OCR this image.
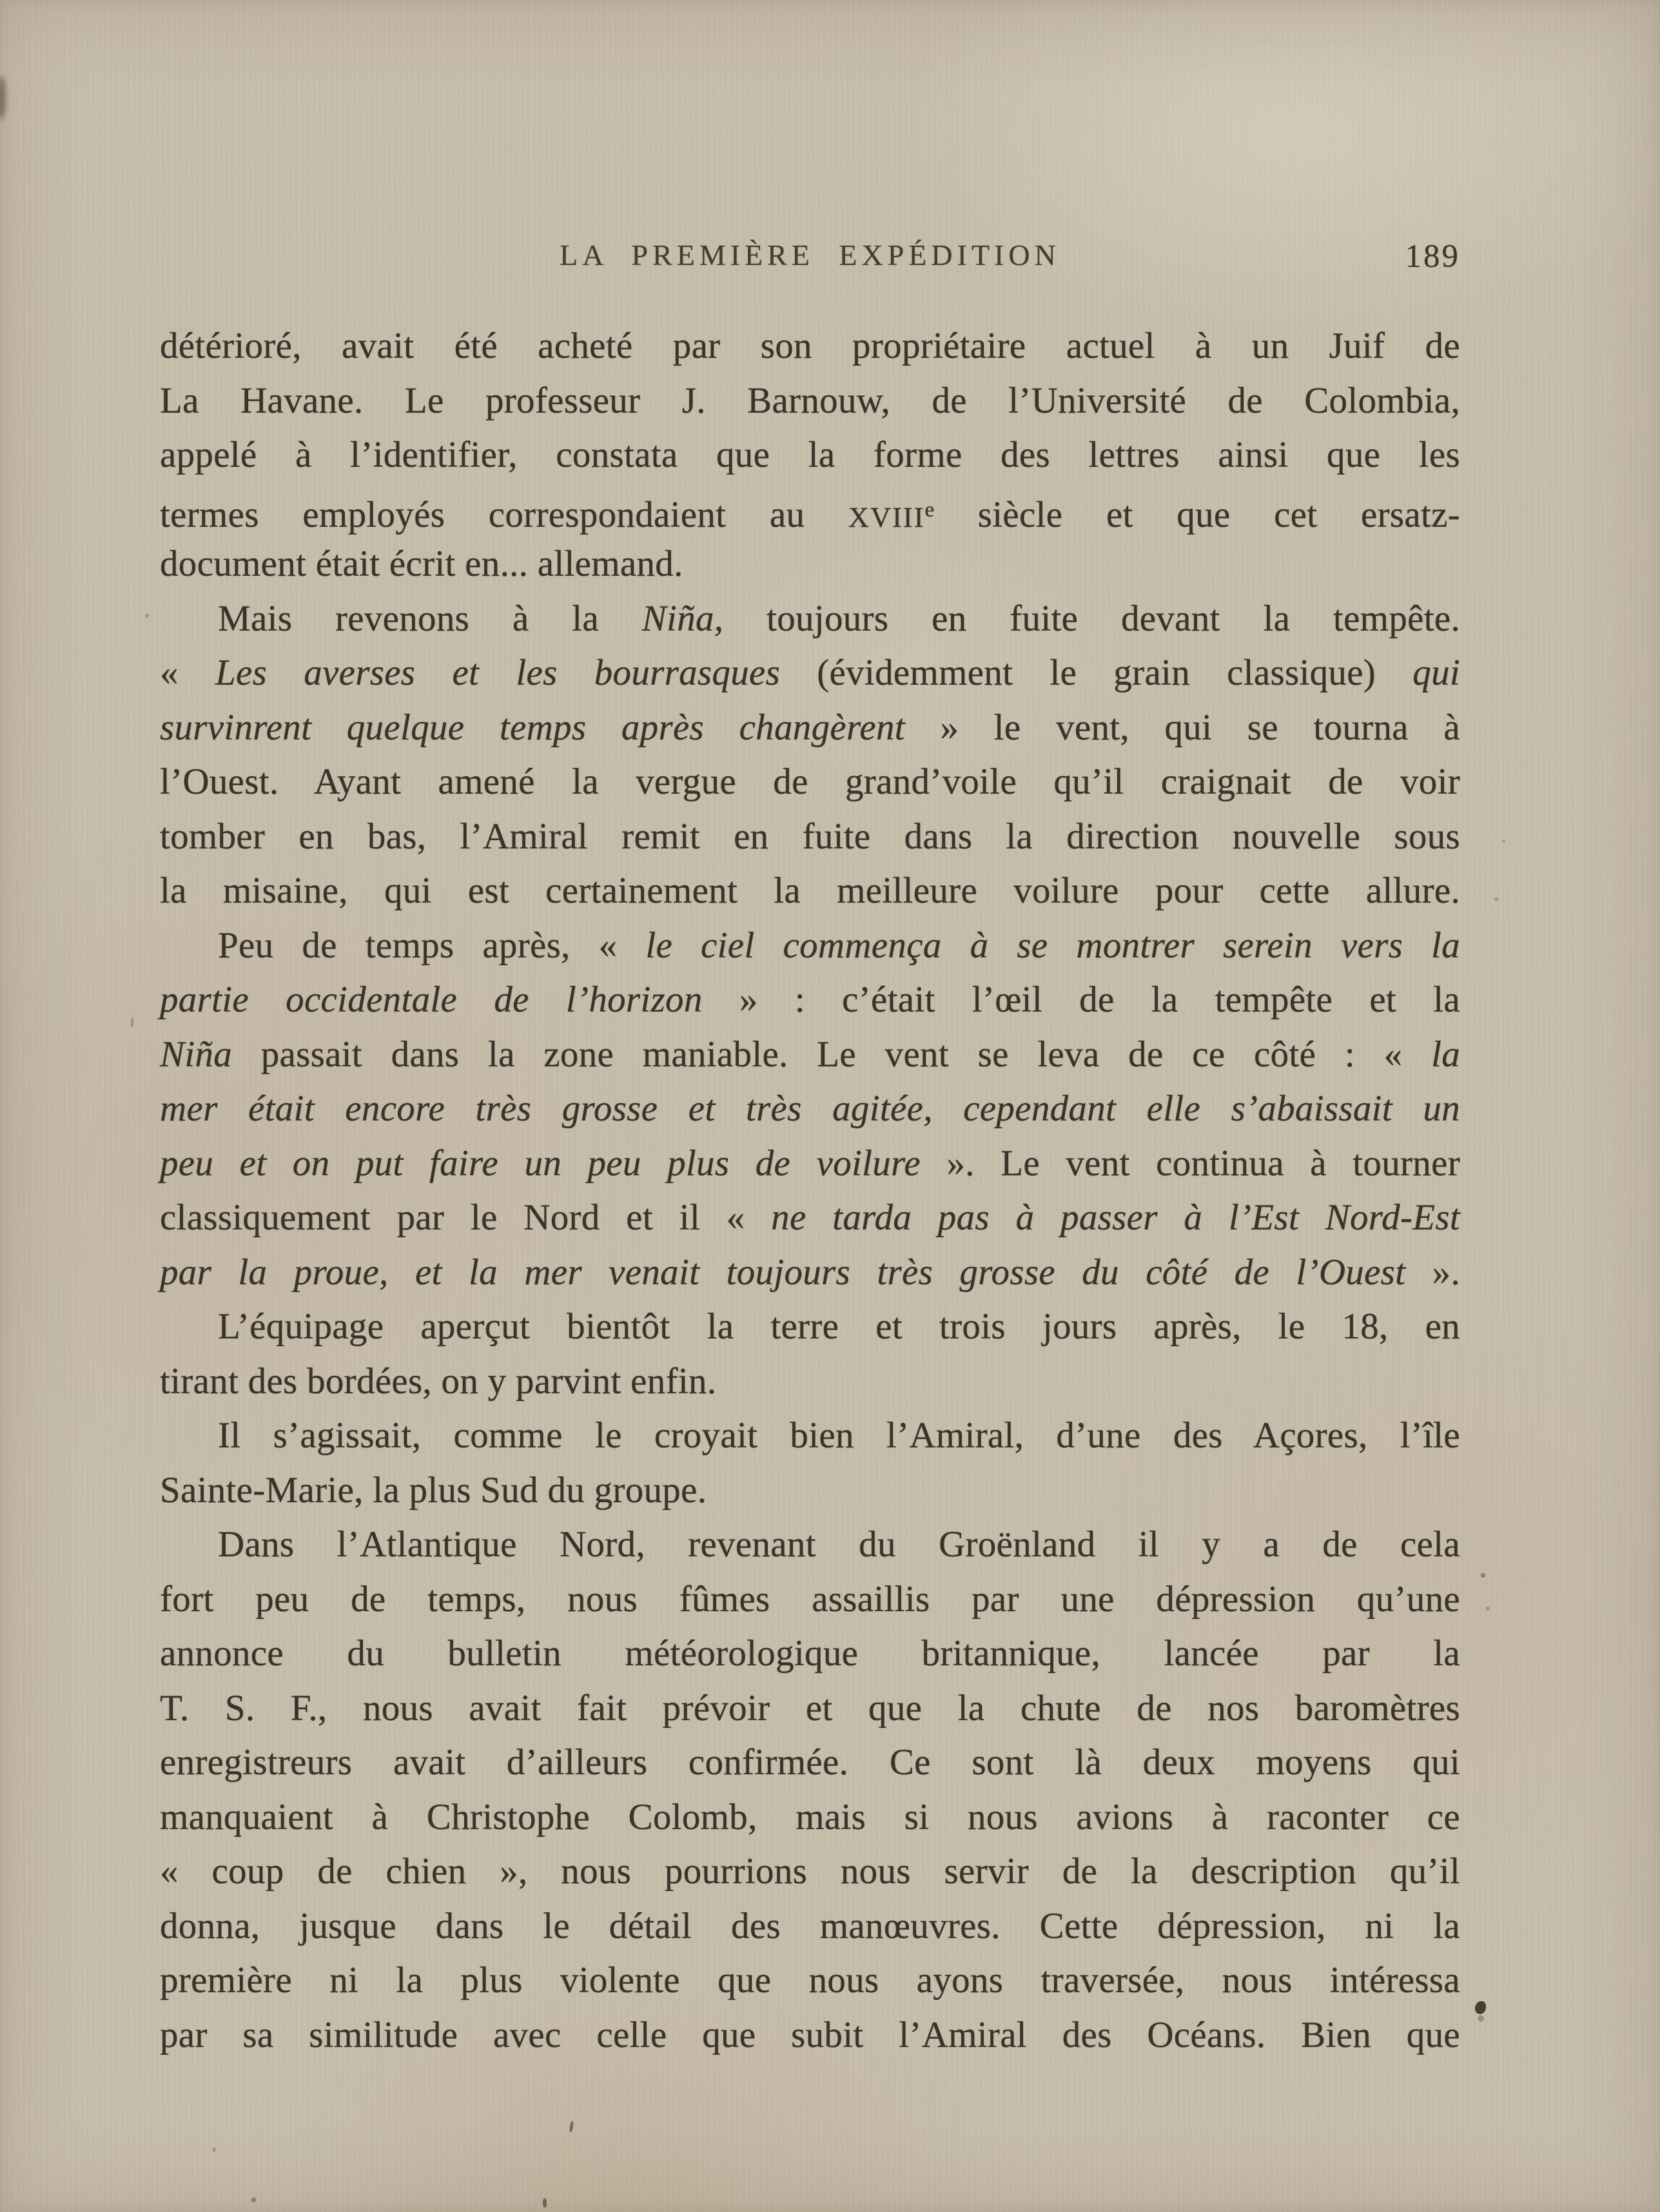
LA PREMIÈRE EXPÉDITION	189
détérioré, avait été acheté par son propriétaire actuel à un Juif de
La Havane. Le professeur J. Barnouw, de l’Université de Colombia,
appelé à l’identifier, constata que la forme des lettres ainsi que les
termes employés correspondaient au XVIIIe siècle et que cet ersatz-
document était écrit en... allemand.
Mais revenons à la Niña, toujours en fuite devant la tempête.
« Les averses et les bourrasques (évidemment le grain classique) qui
survinrent quelque temps après changèrent » le vent, qui se tourna à
l’Ouest. Ayant amené la vergue de grand’voile qu’il craignait de voir
tomber en bas, l’Amiral remit en fuite dans la direction nouvelle sous
la misaine, qui est certainement la meilleure voilure pour cette allure.
Peu de temps après, « le ciel commença à se montrer serein vers la
partie occidentale de l’horizon » : c’était l’œil de la tempête et la
Niña passait dans la zone maniable. Le vent se leva de ce côté : « la
mer était encore très grosse et très agitée, cependant elle s’abaissait un
peu et on put faire un peu plus de voilure ». Le vent continua à tourner
classiquement par le Nord et il « ne tarda pas à passer à l’Est Nord-Est
par la proue, et la mer venait toujours très grosse du côté de l’Ouest ».
L’équipage aperçut bientôt la terre et trois jours après, le 18, en
tirant des bordées, on y parvint enfin.
Il s’agissait, comme le croyait bien l’Amiral, d’une des Açores, l’île
Sainte-Marie, la plus Sud du groupe.
Dans l’Atlantique Nord, revenant du Groënland il y a de cela
fort peu de temps, nous fûmes assaillis par une dépression qu’une
annonce du bulletin météorologique britannique, lancée par la
T. S. F., nous avait fait prévoir et que la chute de nos baromètres
enregistreurs avait d’ailleurs confirmée. Ce sont là deux moyens qui
manquaient à Christophe Colomb, mais si nous avions à raconter ce
« coup de chien », nous pourrions nous servir de la description qu’il
donna, jusque dans le détail des manœuvres. Cette dépression, ni la
première ni la plus violente que nous ayons traversée, nous intéressa
par sa similitude avec celle que subit l’Amiral des Océans. Bien que
